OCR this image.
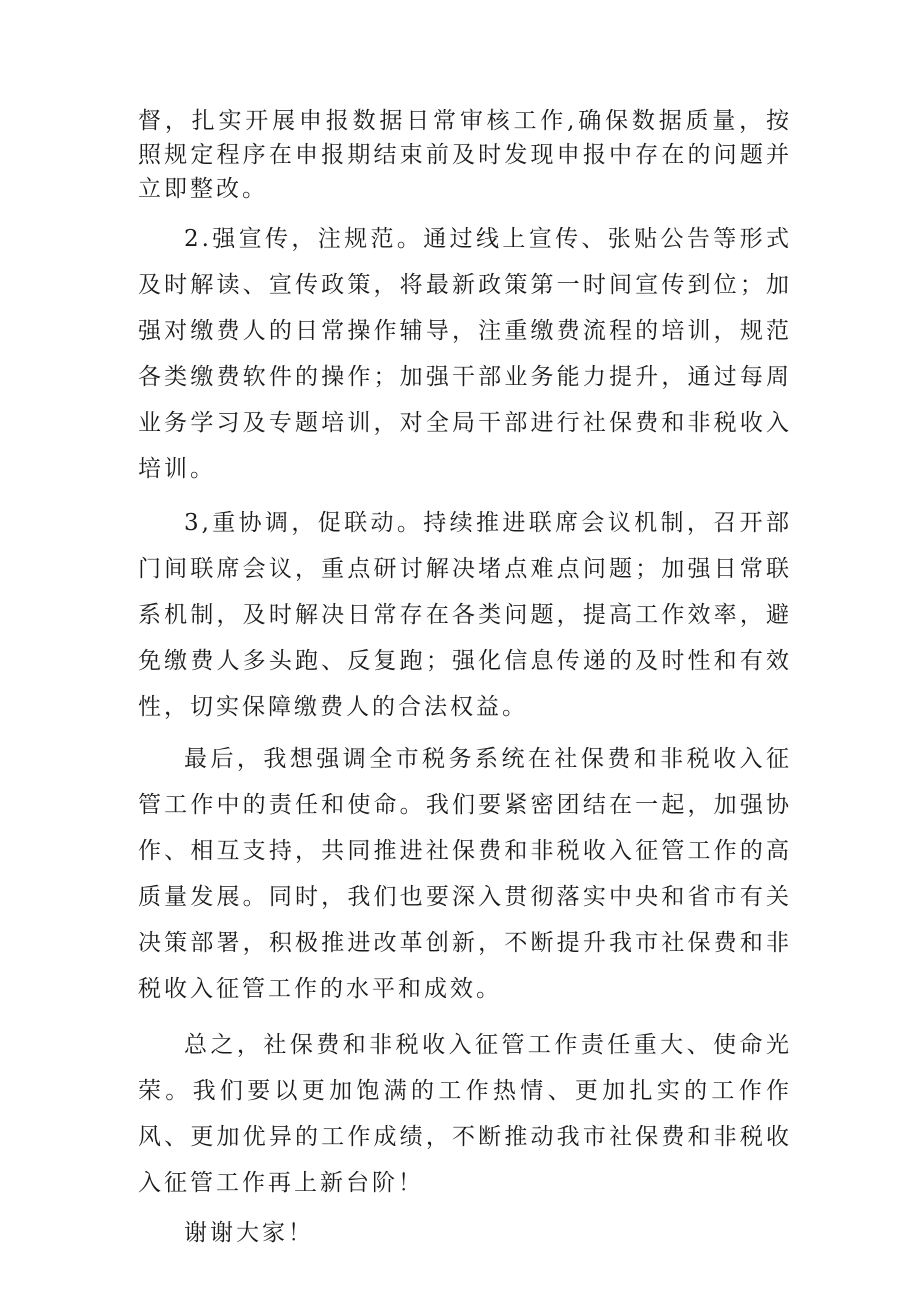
督，扎实开展申报数据日常审核工作,确保数据质量，按照规定程序在申报期结束前及时发现申报中存在的问题并立即整改。

2.强宣传，注规范。通过线上宣传、张贴公告等形式及时解读、宣传政策，将最新政策第一时间宣传到位；加强对缴费人的日常操作辅导，注重缴费流程的培训，规范各类缴费软件的操作；加强干部业务能力提升，通过每周业务学习及专题培训，对全局干部进行社保费和非税收入培训。

3,重协调，促联动。持续推进联席会议机制，召开部门间联席会议，重点研讨解决堵点难点问题；加强日常联系机制，及时解决日常存在各类问题，提高工作效率，避免缴费人多头跑、反复跑；强化信息传递的及时性和有效性，切实保障缴费人的合法权益。

最后，我想强调全市税务系统在社保费和非税收入征管工作中的责任和使命。我们要紧密团结在一起，加强协作、相互支持，共同推进社保费和非税收入征管工作的高质量发展。同时，我们也要深入贯彻落实中央和省市有关决策部署，积极推进改革创新，不断提升我市社保费和非税收入征管工作的水平和成效。

总之，社保费和非税收入征管工作责任重大、使命光荣。我们要以更加饱满的工作热情、更加扎实的工作作风、更加优异的工作成绩，不断推动我市社保费和非税收入征管工作再上新台阶！

谢谢大家！
